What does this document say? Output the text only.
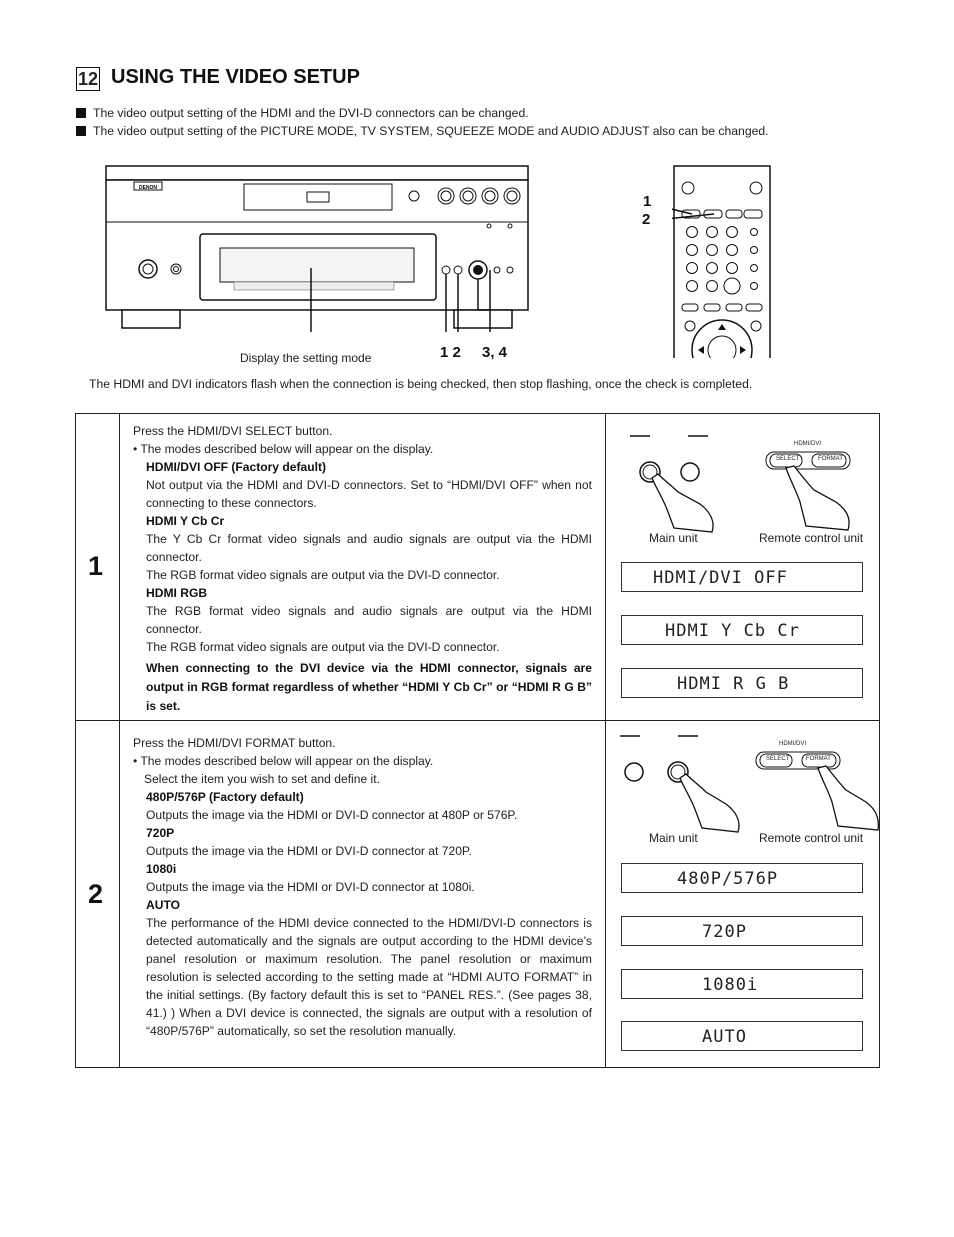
12 USING THE VIDEO SETUP
The video output setting of the HDMI and the DVI-D connectors can be changed.
The video output setting of the PICTURE MODE, TV SYSTEM, SQUEEZE MODE and AUDIO ADJUST also can be changed.
DENON
Display the setting mode	1 2 3, 4
1
2
The HDMI and DVI indicators flash when the connection is being checked, then stop flashing, once the check is completed.
1

Press the HDMI/DVI SELECT button.

• The modes described below will appear on the display.

HDMI/DVI OFF (Factory default)

Not output via the HDMI and DVI-D connectors. Set to “HDMI/DVI OFF” when not connecting to these connectors.

HDMI Y Cb Cr

The Y Cb Cr format video signals and audio signals are output via the HDMI connector.

The RGB format video signals are output via the DVI-D connector.

HDMI RGB

The RGB format video signals and audio signals are output via the HDMI connector.

The RGB format video signals are output via the DVI-D connector.

When connecting to the DVI device via the HDMI connector, signals are output in RGB format regardless of whether “HDMI Y Cb Cr” or “HDMI R G B” is set.

HDMI/DVI
SELECT	FORMAT
Main unit	Remote control unit
HDMI/DVI OFF
HDMI Y Cb Cr
HDMI R G B
2

Press the HDMI/DVI FORMAT button.

• The modes described below will appear on the display.

Select the item you wish to set and define it.

480P/576P (Factory default)

Outputs the image via the HDMI or DVI-D connector at 480P or 576P.

720P

Outputs the image via the HDMI or DVI-D connector at 720P.

1080i

Outputs the image via the HDMI or DVI-D connector at 1080i.

AUTO

The performance of the HDMI device connected to the HDMI/DVI-D connectors is detected automatically and the signals are output according to the HDMI device’s panel resolution or maximum resolution. The panel resolution or maximum resolution is selected according to the setting made at “HDMI AUTO FORMAT” in the initial settings. (By factory default this is set to “PANEL RES.”. (See pages 38, 41.) ) When a DVI device is connected, the signals are output with a resolution of “480P/576P” automatically, so set the resolution manually.

HDMI/DVI
SELECT	FORMAT
Main unit	Remote control unit
480P/576P
720P
1080i
AUTO
